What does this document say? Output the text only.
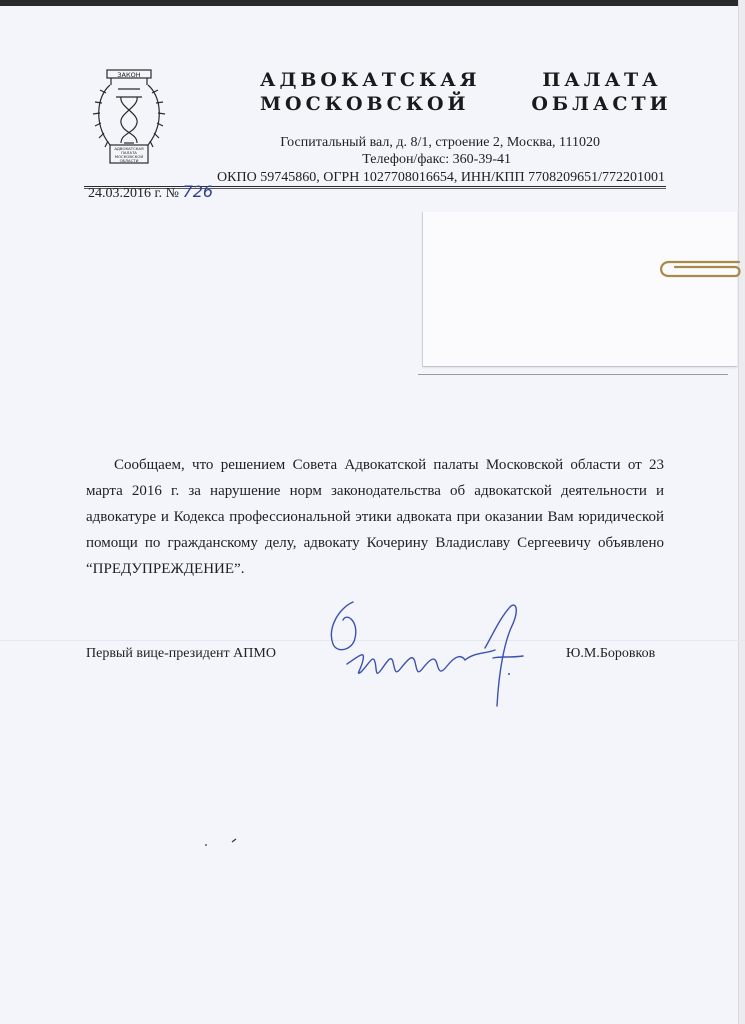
ЗАКОН
АДВОКАТСКАЯ
ПАЛАТА
МОСКОВСКОЙ
ОБЛАСТИ
АДВОКАТСКАЯ   ПАЛАТА
МОСКОВСКОЙ   ОБЛАСТИ
Госпитальный вал, д. 8/1, строение 2, Москва, 111020
Телефон/факс: 360-39-41
ОКПО 59745860, ОГРН 1027708016654, ИНН/КПП 7708209651/772201001
24.03.2016 г. № 726

Сообщаем, что решением Совета Адвокатской палаты Московской области от 23 марта 2016 г. за нарушение норм законодательства об адвокатской деятельности и адвокатуре и Кодекса профессиональной этики адвоката при оказании Вам юридической помощи по гражданскому делу, адвокату Кочерину Владиславу Сергеевичу объявлено “ПРЕДУПРЕЖДЕНИЕ”.

Первый вице-президент АПМО	Ю.М.Боровков
